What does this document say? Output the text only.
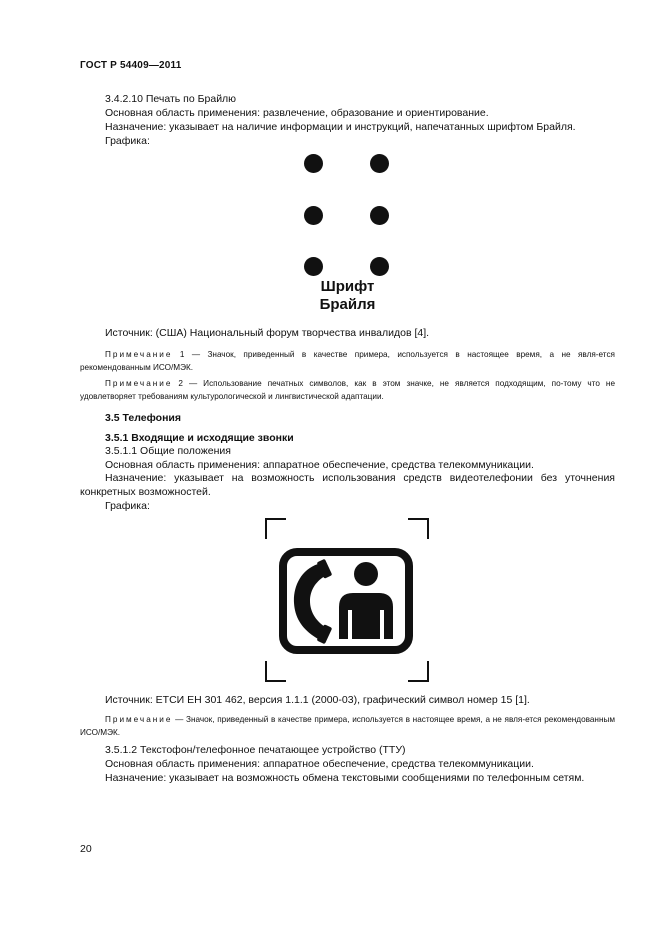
ГОСТ Р 54409—2011
3.4.2.10 Печать по Брайлю
Основная область применения: развлечение, образование и ориентирование.
Назначение: указывает на наличие информации и инструкций, напечатанных шрифтом Брайля.
Графика:
Шрифт
Брайля
Источник: (США) Национальный форум творчества инвалидов [4].
Примечание 1 — Значок, приведенный в качестве примера, используется в настоящее время, а не явля-ется рекомендованным ИСО/МЭК.
Примечание 2 — Использование печатных символов, как в этом значке, не является подходящим, по-тому что не удовлетворяет требованиям культурологической и лингвистической адаптации.
3.5 Телефония
3.5.1 Входящие и исходящие звонки
3.5.1.1 Общие положения
Основная область применения: аппаратное обеспечение, средства телекоммуникации.
Назначение: указывает на возможность использования средств видеотелефонии без уточнения конкретных возможностей.
Графика:
Источник: ЕТСИ ЕН 301 462, версия 1.1.1 (2000-03), графический символ номер 15 [1].
Примечание — Значок, приведенный в качестве примера, используется в настоящее время, а не явля-ется рекомендованным ИСО/МЭК.
3.5.1.2 Текстофон/телефонное печатающее устройство (ТТУ)
Основная область применения: аппаратное обеспечение, средства телекоммуникации.
Назначение: указывает на возможность обмена текстовыми сообщениями по телефонным сетям.
20
